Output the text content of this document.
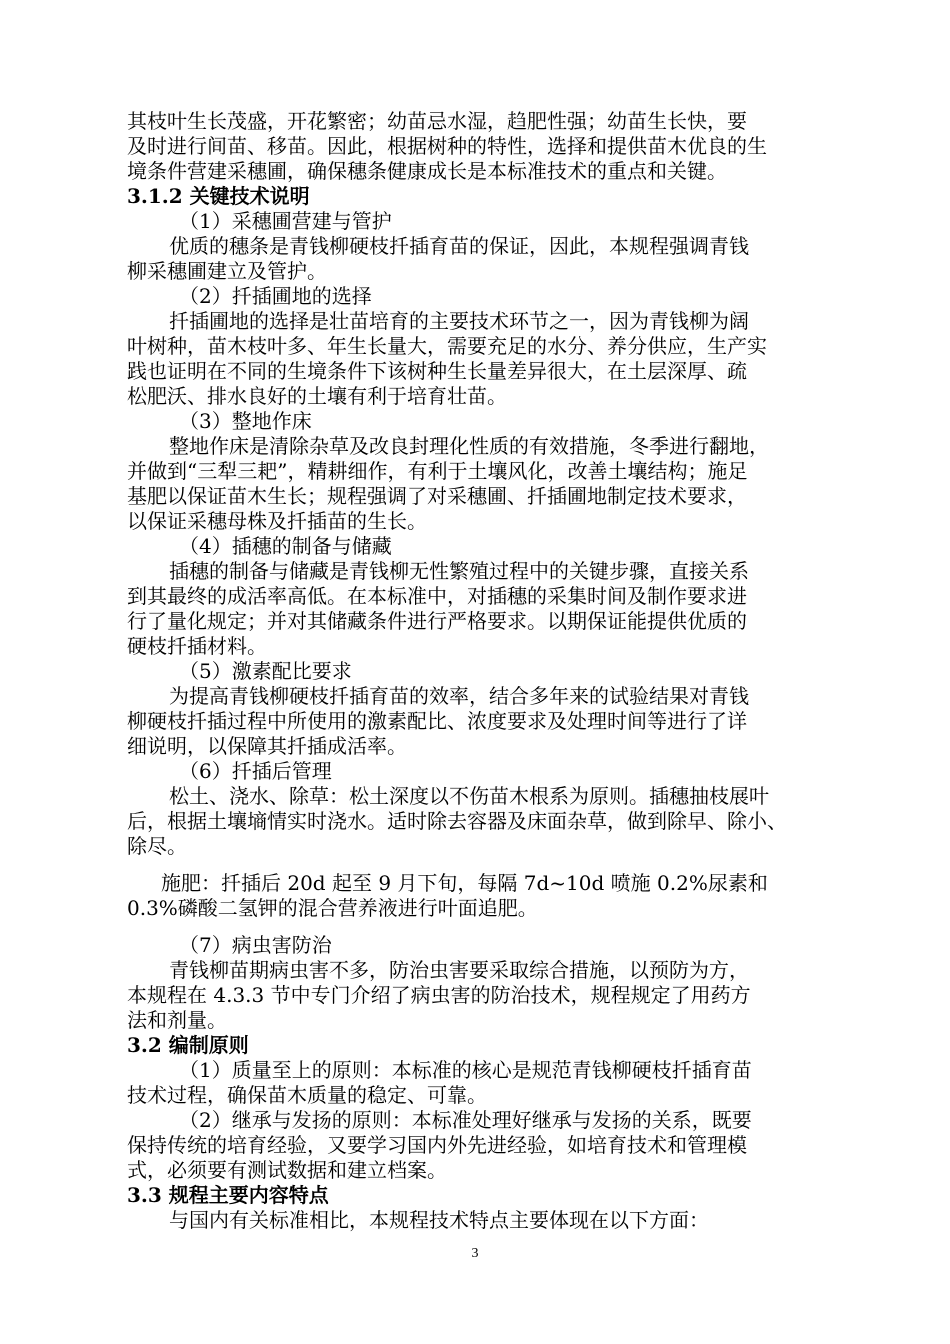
其枝叶生长茂盛，开花繁密；幼苗忌水湿，趋肥性强；幼苗生长快，要
及时进行间苗、移苗。因此，根据树种的特性，选择和提供苗木优良的生
境条件营建采穗圃，确保穗条健康成长是本标准技术的重点和关键。
3.1.2 关键技术说明
（1）采穗圃营建与管护
优质的穗条是青钱柳硬枝扦插育苗的保证，因此，本规程强调青钱
柳采穗圃建立及管护。
（2）扦插圃地的选择
扦插圃地的选择是壮苗培育的主要技术环节之一，因为青钱柳为阔
叶树种，苗木枝叶多、年生长量大，需要充足的水分、养分供应，生产实
践也证明在不同的生境条件下该树种生长量差异很大，在土层深厚、疏
松肥沃、排水良好的土壤有利于培育壮苗。
（3）整地作床
整地作床是清除杂草及改良封理化性质的有效措施，冬季进行翻地，
并做到“三犁三耙”，精耕细作，有利于土壤风化，改善土壤结构；施足
基肥以保证苗木生长；规程强调了对采穗圃、扦插圃地制定技术要求，
以保证采穗母株及扦插苗的生长。
（4）插穗的制备与储藏
插穗的制备与储藏是青钱柳无性繁殖过程中的关键步骤，直接关系
到其最终的成活率高低。在本标准中，对插穗的采集时间及制作要求进
行了量化规定；并对其储藏条件进行严格要求。以期保证能提供优质的
硬枝扦插材料。
（5）激素配比要求
为提高青钱柳硬枝扦插育苗的效率，结合多年来的试验结果对青钱
柳硬枝扦插过程中所使用的激素配比、浓度要求及处理时间等进行了详
细说明，以保障其扦插成活率。
（6）扦插后管理
松土、浇水、除草：松土深度以不伤苗木根系为原则。插穗抽枝展叶
后，根据土壤墒情实时浇水。适时除去容器及床面杂草，做到除早、除小、
除尽。
施肥：扦插后 20d 起至 9 月下旬，每隔 7d~10d 喷施 0.2%尿素和
0.3%磷酸二氢钾的混合营养液进行叶面追肥。
（7）病虫害防治
青钱柳苗期病虫害不多，防治虫害要采取综合措施，以预防为方，
本规程在 4.3.3 节中专门介绍了病虫害的防治技术，规程规定了用药方
法和剂量。
3.2 编制原则
（1）质量至上的原则：本标准的核心是规范青钱柳硬枝扦插育苗
技术过程，确保苗木质量的稳定、可靠。
（2）继承与发扬的原则：本标准处理好继承与发扬的关系，既要
保持传统的培育经验，又要学习国内外先进经验，如培育技术和管理模
式，必须要有测试数据和建立档案。
3.3 规程主要内容特点
与国内有关标准相比，本规程技术特点主要体现在以下方面：
3
